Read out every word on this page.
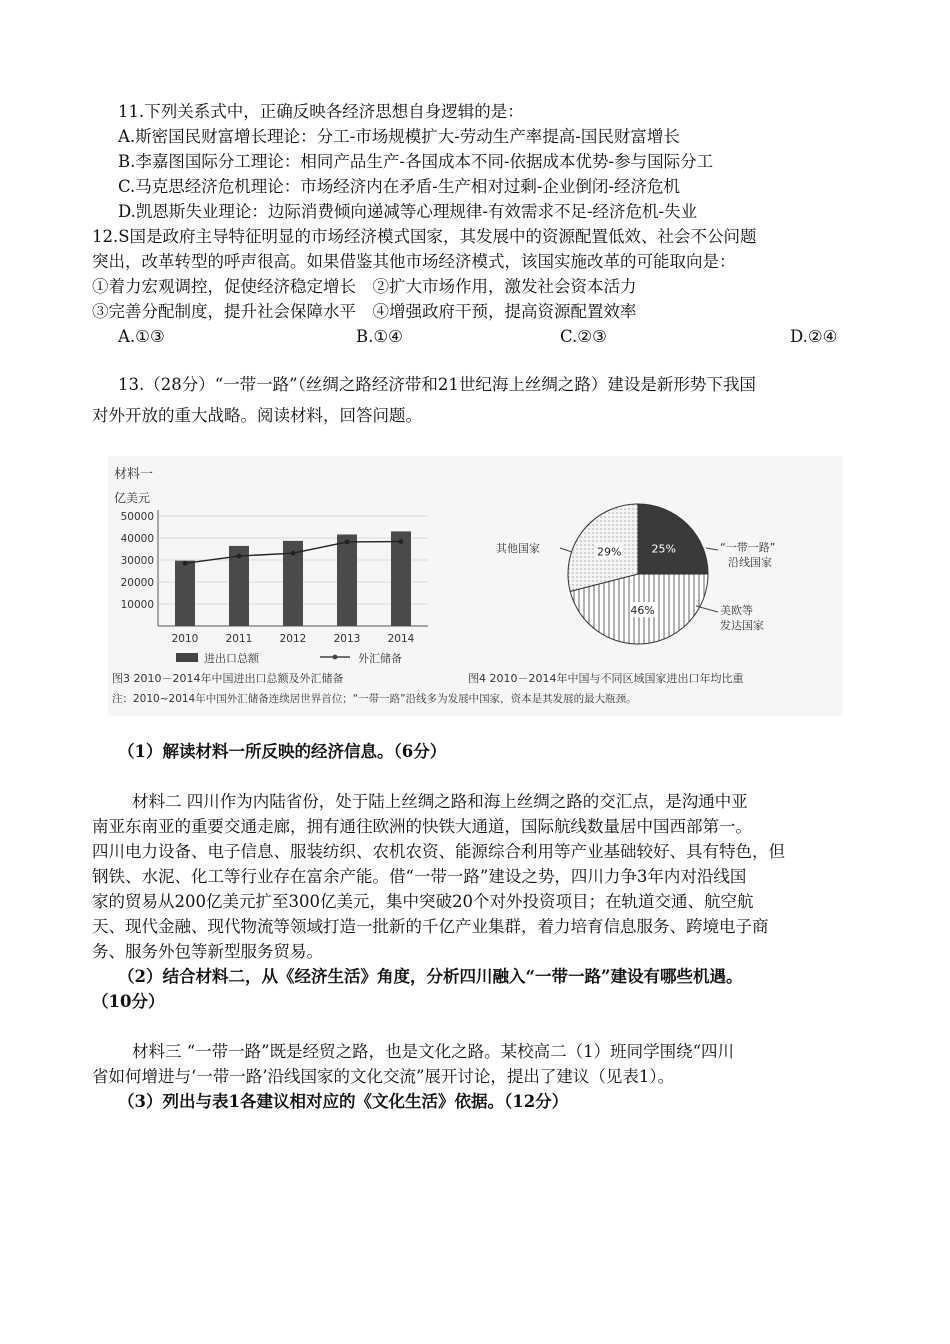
11.下列关系式中，正确反映各经济思想自身逻辑的是：
A.斯密国民财富增长理论：分工-市场规模扩大-劳动生产率提高-国民财富增长
B.李嘉图国际分工理论：相同产品生产-各国成本不同-依据成本优势-参与国际分工
C.马克思经济危机理论：市场经济内在矛盾-生产相对过剩-企业倒闭-经济危机
D.凯恩斯失业理论：边际消费倾向递减等心理规律-有效需求不足-经济危机-失业
12.S国是政府主导特征明显的市场经济模式国家，其发展中的资源配置低效、社会不公问题
突出，改革转型的呼声很高。如果借鉴其他市场经济模式，该国实施改革的可能取向是：
①着力宏观调控，促使经济稳定增长　②扩大市场作用，激发社会资本活力
③完善分配制度，提升社会保障水平　④增强政府干预，提高资源配置效率
A.①③	B.①④	C.②③	D.②④
13.（28分）“一带一路”（丝绸之路经济带和21世纪海上丝绸之路）建设是新形势下我国
对外开放的重大战略。阅读材料，回答问题。
材料一
亿美元
10000
20000
30000
40000
50000
2010	2011	2012	2013	2014
进出口总额	外汇储备
图3 2010－2014年中国进出口总额及外汇储备
25%
46%
29%
其他国家	“一带一路”
沿线国家
美欧等
发达国家
图4 2010－2014年中国与不同区域国家进出口年均比重
注：2010~2014年中国外汇储备连续居世界首位；“一带一路”沿线多为发展中国家，资本是其发展的最大瓶颈。
（1）解读材料一所反映的经济信息。（6分）
材料二 四川作为内陆省份，处于陆上丝绸之路和海上丝绸之路的交汇点，是沟通中亚
南亚东南亚的重要交通走廊，拥有通往欧洲的快铁大通道，国际航线数量居中国西部第一。
四川电力设备、电子信息、服装纺织、农机农资、能源综合利用等产业基础较好、具有特色，但
钢铁、水泥、化工等行业存在富余产能。借“一带一路”建设之势，四川力争3年内对沿线国
家的贸易从200亿美元扩至300亿美元，集中突破20个对外投资项目；在轨道交通、航空航
天、现代金融、现代物流等领域打造一批新的千亿产业集群，着力培育信息服务、跨境电子商
务、服务外包等新型服务贸易。
（2）结合材料二，从《经济生活》角度，分析四川融入“一带一路”建设有哪些机遇。
（10分）
材料三 “一带一路”既是经贸之路，也是文化之路。某校高二（1）班同学围绕“四川
省如何增进与‘一带一路’沿线国家的文化交流”展开讨论，提出了建议（见表1）。
（3）列出与表1各建议相对应的《文化生活》依据。（12分）
